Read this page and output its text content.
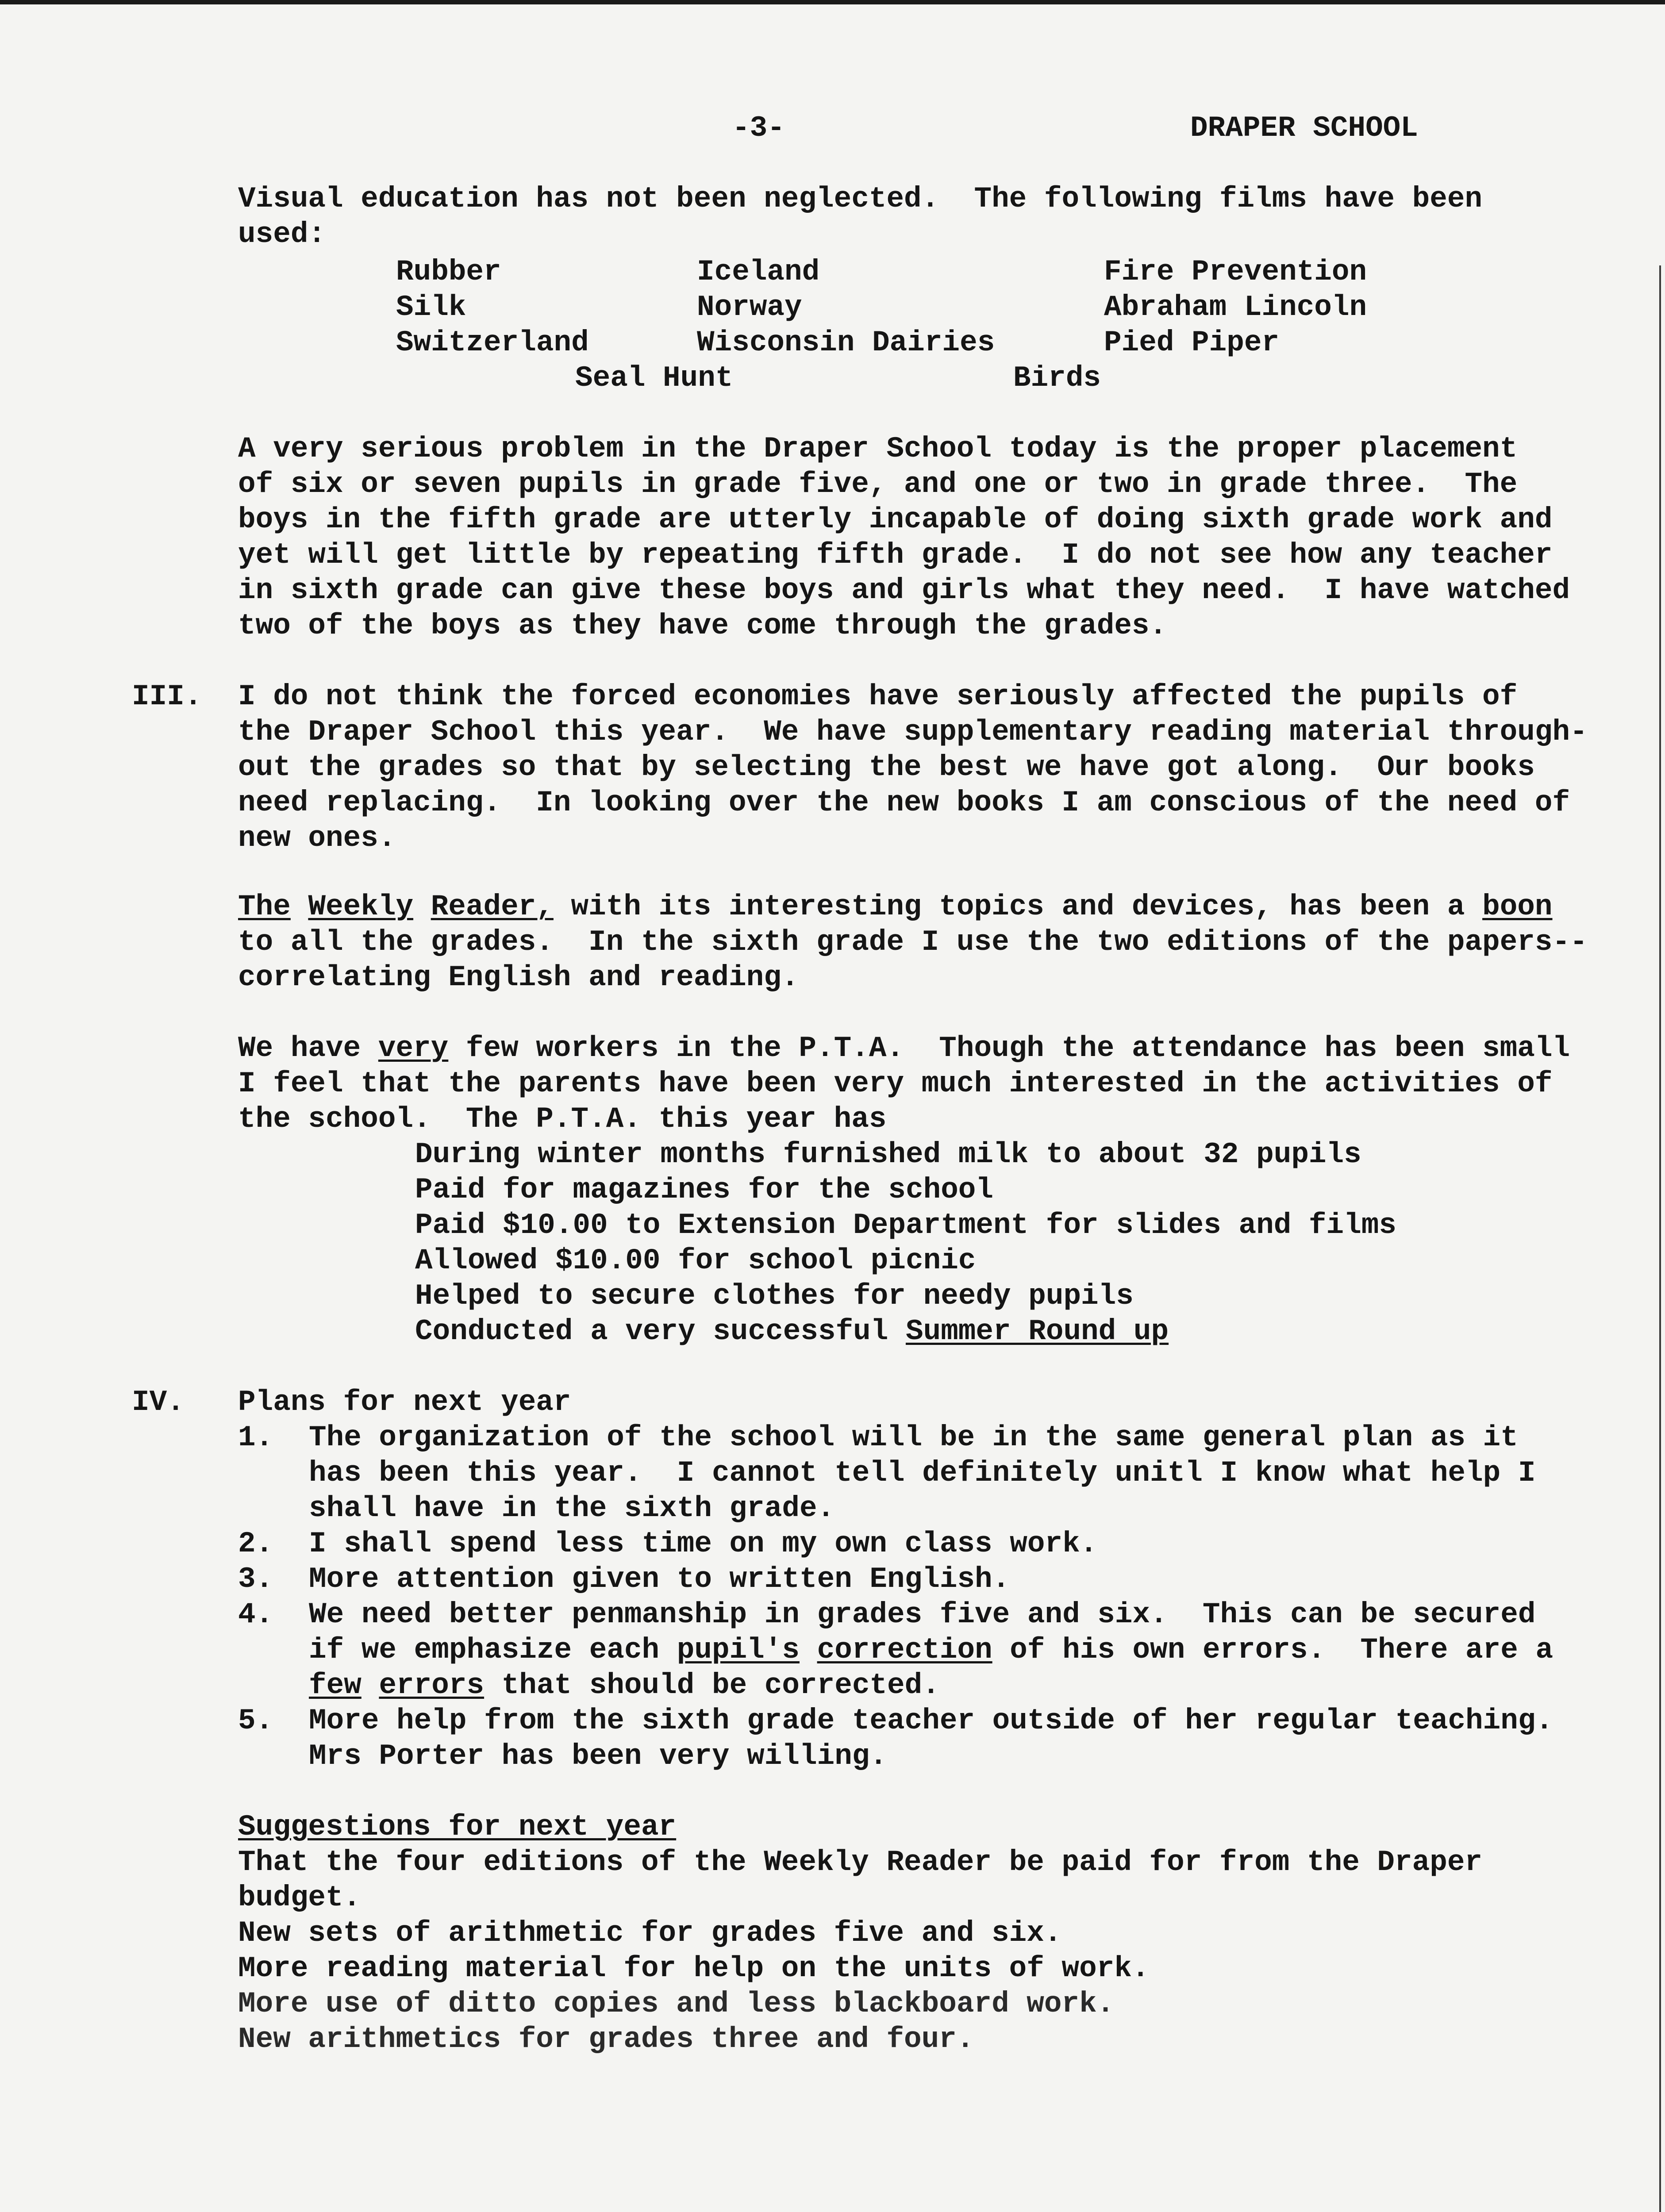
-3-	DRAPER SCHOOL
Visual education has not been neglected.  The following films have been
used:
Rubber	Iceland	Fire Prevention
Silk	Norway	Abraham Lincoln
Switzerland	Wisconsin Dairies	Pied Piper
Seal Hunt	Birds
A very serious problem in the Draper School today is the proper placement
of six or seven pupils in grade five, and one or two in grade three.  The
boys in the fifth grade are utterly incapable of doing sixth grade work and
yet will get little by repeating fifth grade.  I do not see how any teacher
in sixth grade can give these boys and girls what they need.  I have watched
two of the boys as they have come through the grades.
III. I do not think the forced economies have seriously affected the pupils of
the Draper School this year.  We have supplementary reading material through-
out the grades so that by selecting the best we have got along.  Our books
need replacing.  In looking over the new books I am conscious of the need of
new ones.
The Weekly Reader, with its interesting topics and devices, has been a boon
to all the grades.  In the sixth grade I use the two editions of the papers--
correlating English and reading.
We have very few workers in the P.T.A.  Though the attendance has been small
I feel that the parents have been very much interested in the activities of
the school.  The P.T.A. this year has
During winter months furnished milk to about 32 pupils
Paid for magazines for the school
Paid $10.00 to Extension Department for slides and films
Allowed $10.00 for school picnic
Helped to secure clothes for needy pupils
Conducted a very successful Summer Round up
IV. Plans for next year
1. The organization of the school will be in the same general plan as it
has been this year.  I cannot tell definitely unitl I know what help I
shall have in the sixth grade.
2. I shall spend less time on my own class work.
3. More attention given to written English.
4. We need better penmanship in grades five and six.  This can be secured
if we emphasize each pupil's correction of his own errors.  There are a
few errors that should be corrected.
5. More help from the sixth grade teacher outside of her regular teaching.
Mrs Porter has been very willing.
Suggestions for next year
That the four editions of the Weekly Reader be paid for from the Draper
budget.
New sets of arithmetic for grades five and six.
More reading material for help on the units of work.
More use of ditto copies and less blackboard work.
New arithmetics for grades three and four.
